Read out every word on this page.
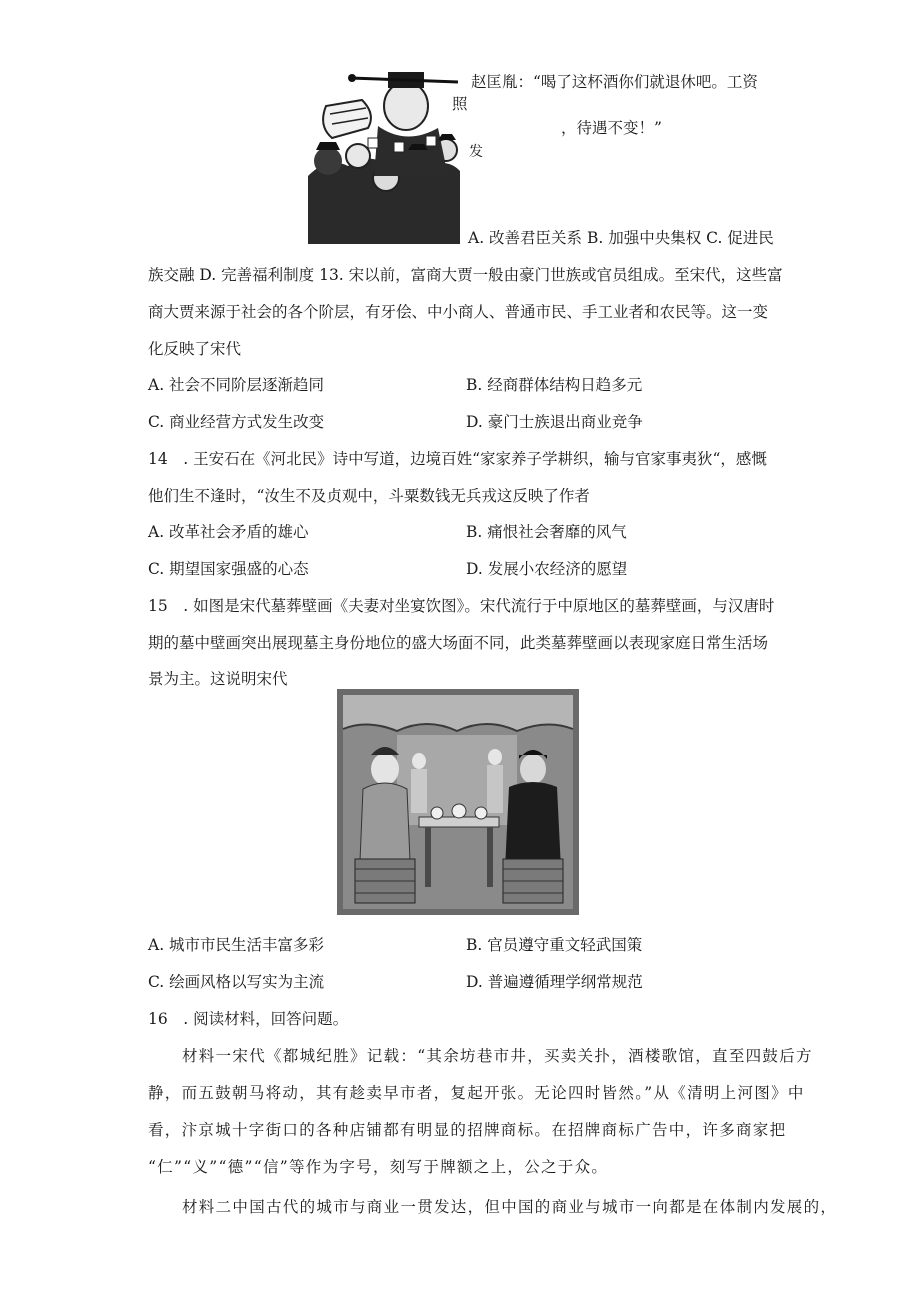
赵匡胤：“喝了这杯酒你们就退休吧。工资
照
，待遇不变！”
发
A. 改善君臣关系 B. 加强中央集权 C. 促进民
族交融 D. 完善福利制度 13. 宋以前，富商大贾一般由豪门世族或官员组成。至宋代，这些富
商大贾来源于社会的各个阶层，有牙侩、中小商人、普通市民、手工业者和农民等。这一变
化反映了宋代
A. 社会不同阶层逐渐趋同	B. 经商群体结构日趋多元
C. 商业经营方式发生改变	D. 豪门士族退出商业竞争
14　. 王安石在《河北民》诗中写道，边境百姓“家家养子学耕织，输与官家事夷狄“，感慨
他们生不逢时，“汝生不及贞观中，斗粟数钱无兵戎这反映了作者
A. 改革社会矛盾的雄心	B. 痛恨社会奢靡的风气
C. 期望国家强盛的心态	D. 发展小农经济的愿望
15　. 如图是宋代墓葬壁画《夫妻对坐宴饮图》。宋代流行于中原地区的墓葬壁画，与汉唐时
期的墓中壁画突出展现墓主身份地位的盛大场面不同，此类墓葬壁画以表现家庭日常生活场
景为主。这说明宋代
A. 城市市民生活丰富多彩	B. 官员遵守重文轻武国策
C. 绘画风格以写实为主流	D. 普遍遵循理学纲常规范
16　. 阅读材料，回答问题。
材料一宋代《都城纪胜》记载：“其余坊巷市井，买卖关扑，酒楼歌馆，直至四鼓后方
静，而五鼓朝马将动，其有趁卖早市者，复起开张。无论四时皆然。”从《清明上河图》中
看，汴京城十字街口的各种店铺都有明显的招牌商标。在招牌商标广告中，许多商家把
“仁”“义”“德”“信”等作为字号，刻写于牌额之上，公之于众。
材料二中国古代的城市与商业一贯发达，但中国的商业与城市一向都是在体制内发展的，
